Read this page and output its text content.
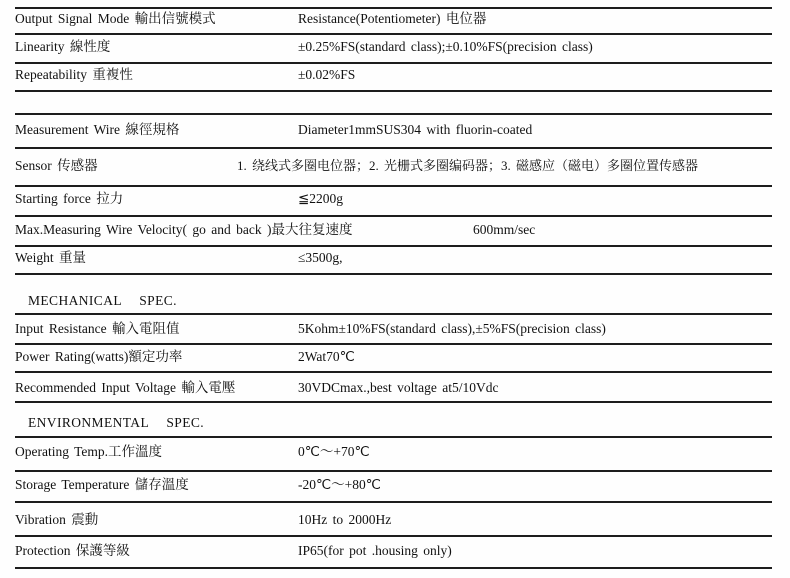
Output Signal Mode 輸出信號模式	Resistance(Potentiometer) 电位器
Linearity 線性度	±0.25%FS(standard class);±0.10%FS(precision class)
Repeatability 重複性	±0.02%FS
Measurement Wire 線徑規格	Diameter1mmSUS304 with fluorin-coated
Sensor 传感器	1. 绕线式多圈电位器；2. 光栅式多圈编码器；3. 磁感应（磁电）多圈位置传感器
Starting force 拉力	≦2200g
Max.Measuring Wire Velocity( go and back )最大往复速度	600mm/sec
Weight 重量	≤3500g,
MECHANICAL SPEC.
Input Resistance 輸入電阻值	5Kohm±10%FS(standard class),±5%FS(precision class)
Power Rating(watts)額定功率	2Wat70℃
Recommended Input Voltage 輸入電壓	30VDCmax.,best voltage at5/10Vdc
ENVIRONMENTAL SPEC.
Operating Temp.工作溫度	0℃～+70℃
Storage Temperature 儲存溫度	-20℃～+80℃
Vibration 震動	10Hz to 2000Hz
Protection 保護等級	IP65(for pot .housing only)
